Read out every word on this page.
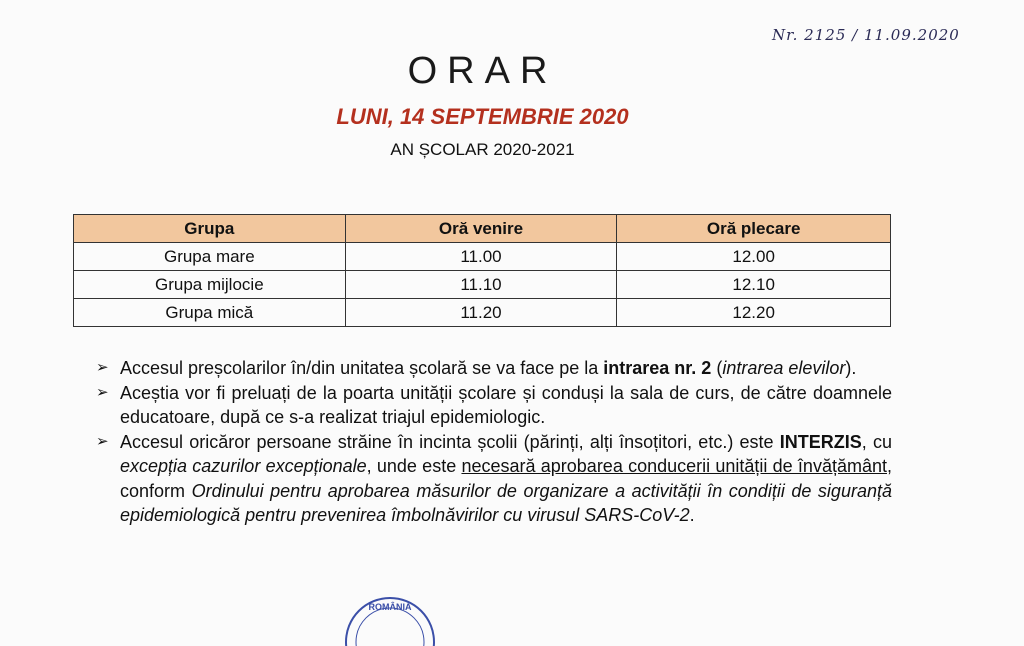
Nr. 2125 / 11.09.2020
ORAR
LUNI, 14 SEPTEMBRIE 2020
AN ȘCOLAR 2020-2021
Grupa	Oră venire	Oră plecare
Grupa mare	11.00	12.00
Grupa mijlocie	11.10	12.10
Grupa mică	11.20	12.20
➢ Accesul preșcolarilor în/din unitatea școlară se va face pe la intrarea nr. 2 (intrarea elevilor).
➢ Aceștia vor fi preluați de la poarta unității școlare și conduși la sala de curs, de către doamnele educatoare, după ce s-a realizat triajul epidemiologic.
➢ Accesul oricăror persoane străine în incinta școlii (părinți, alți însoțitori, etc.) este INTERZIS, cu excepția cazurilor excepționale, unde este necesară aprobarea conducerii unității de învățământ, conform Ordinului pentru aprobarea măsurilor de organizare a activității în condiții de siguranță epidemiologică pentru prevenirea îmbolnăvirilor cu virusul SARS-CoV-2.
ROMÂNIA
